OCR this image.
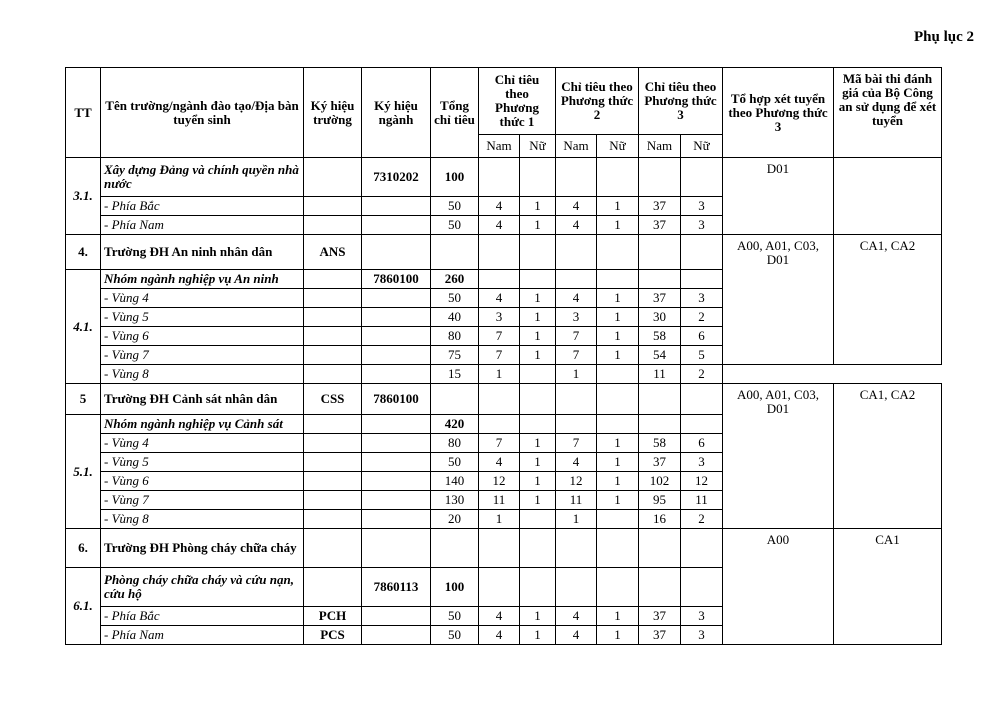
Phụ lục 2
TT	Tên trường/ngành đào tạo/Địa bàn tuyển sinh	Ký hiệu trường	Ký hiệu ngành	Tổng chỉ tiêu	Chỉ tiêu theo Phương thức 1		Chỉ tiêu theo Phương thức 2		Chỉ tiêu theo Phương thức 3		Tổ hợp xét tuyển theo Phương thức 3	Mã bài thi đánh giá của Bộ Công an sử dụng để xét tuyển
					Nam	Nữ	Nam	Nữ	Nam	Nữ		
3.1.	Xây dựng Đảng và chính quyền nhà nước		7310202	100							D01	
	- Phía Bắc			50	4	1	4	1	37	3		
	- Phía Nam			50	4	1	4	1	37	3		
4.	Trường ĐH An ninh nhân dân	ANS									A00, A01, C03, D01	CA1, CA2
4.1.	Nhóm ngành nghiệp vụ An ninh		7860100	260								
	- Vùng 4			50	4	1	4	1	37	3		
	- Vùng 5			40	3	1	3	1	30	2		
	- Vùng 6			80	7	1	7	1	58	6		
	- Vùng 7			75	7	1	7	1	54	5		
	- Vùng 8			15	1		1		11	2		
5	Trường ĐH Cảnh sát nhân dân	CSS	7860100								A00, A01, C03, D01	CA1, CA2
5.1.	Nhóm ngành nghiệp vụ Cảnh sát			420								
	- Vùng 4			80	7	1	7	1	58	6		
	- Vùng 5			50	4	1	4	1	37	3		
	- Vùng 6			140	12	1	12	1	102	12		
	- Vùng 7			130	11	1	11	1	95	11		
	- Vùng 8			20	1		1		16	2		
6.	Trường ĐH Phòng cháy chữa cháy										A00	CA1
6.1.	Phòng cháy chữa cháy và cứu nạn, cứu hộ		7860113	100								
	- Phía Bắc	PCH		50	4	1	4	1	37	3		
	- Phía Nam	PCS		50	4	1	4	1	37	3		
